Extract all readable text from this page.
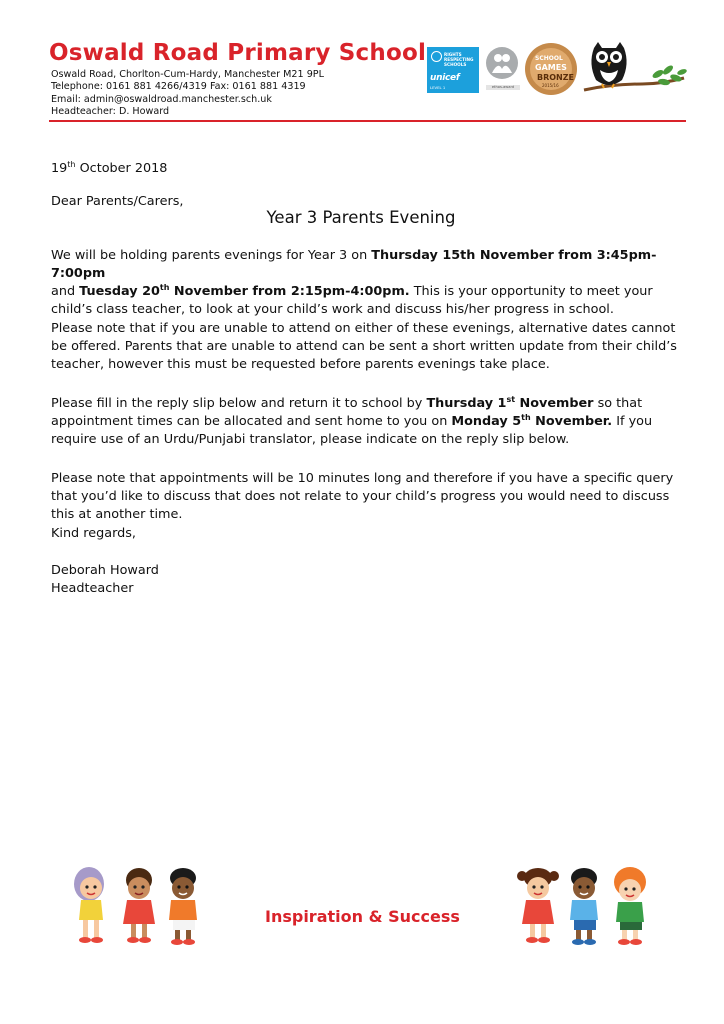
Oswald Road Primary School
Oswald Road, Chorlton-Cum-Hardy, Manchester M21 9PL
Telephone: 0161 881 4266/4319 Fax: 0161 881 4319
Email: admin@oswaldroad.manchester.sch.uk
Headteacher: D. Howard
RIGHTS RESPECTING SCHOOLS
unicef
LEVEL 1	ethos-award
SCHOOL
GAMES
BRONZE
2015/16

19th October 2018

Dear Parents/Carers,

Year 3 Parents Evening

We will be holding parents evenings for Year 3 on Thursday 15th November from 3:45pm-7:00pm
and Tuesday 20th November from 2:15pm-4:00pm. This is your opportunity to meet your child’s class teacher, to look at your child’s work and discuss his/her progress in school.

Please note that if you are unable to attend on either of these evenings, alternative dates cannot be offered. Parents that are unable to attend can be sent a short written update from their child’s teacher, however this must be requested before parents evenings take place.

Please fill in the reply slip below and return it to school by Thursday 1st November so that appointment times can be allocated and sent home to you on Monday 5th November. If you require use of an Urdu/Punjabi translator, please indicate on the reply slip below.

Please note that appointments will be 10 minutes long and therefore if you have a specific query that you’d like to discuss that does not relate to your child’s progress you would need to discuss this at another time.

Kind regards,

Deborah Howard

Headteacher

Inspiration & Success
